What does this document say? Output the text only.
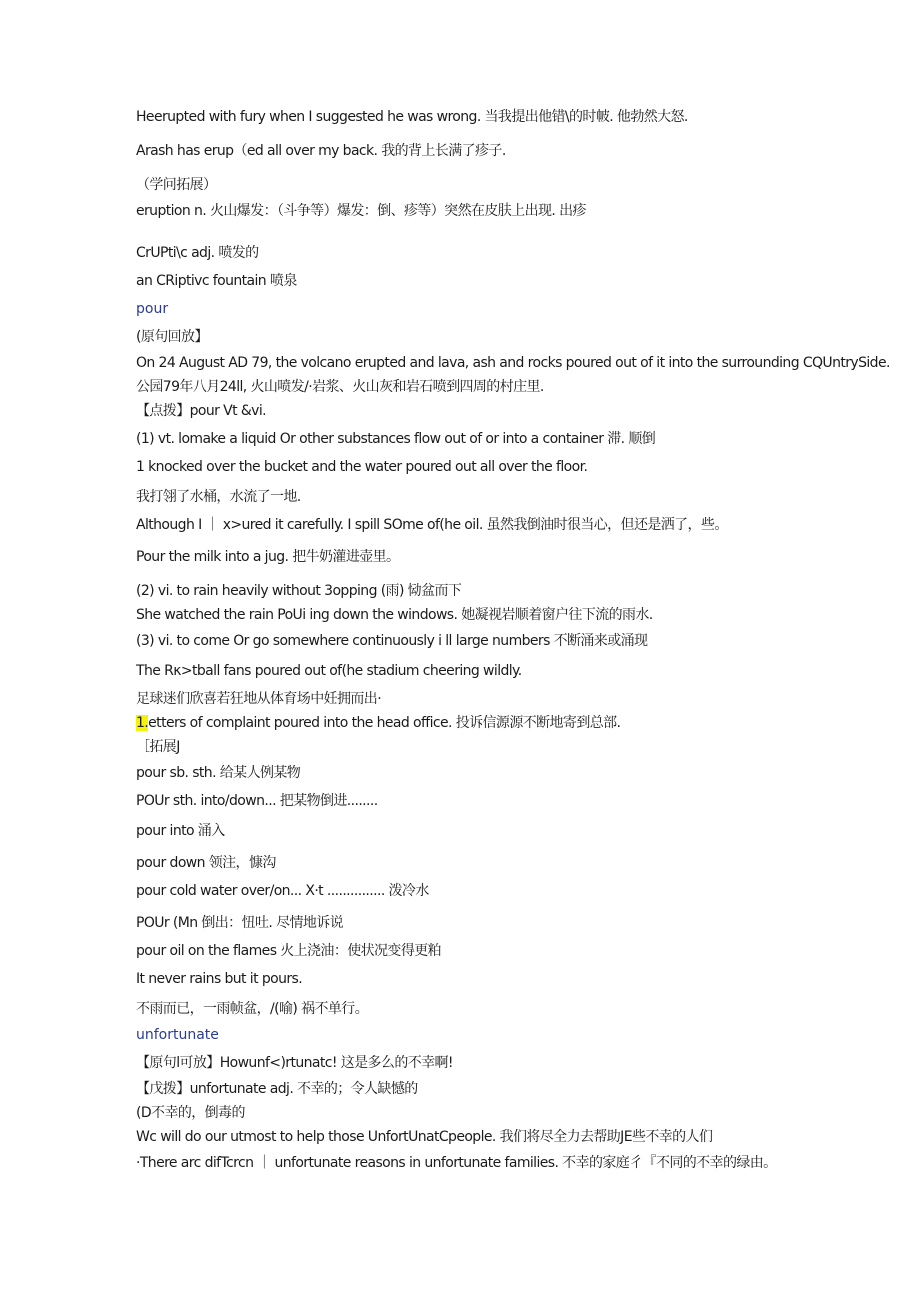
Heerupted with fury when I suggested he was wrong. 当我提出他错\的时帔. 他勃然大怒.
Arash has erup（ed all over my back. 我的背上长满了疹子.
（学问拓展）
eruption n. 火山爆发：（斗争等）爆发：倒、疹等）突然在皮肤上出现. 出疹
CrUPti\c adj. 喷发的
an CRiptivc fountain 喷泉
pour
(原句回放】
On 24 August AD 79, the volcano erupted and lava, ash and rocks poured out of it into the surrounding CQUntrySide.
公园79年八月24ll, 火山喷发/·岩浆、火山灰和岩石喷到四周的村庄里.
【点拨】pour Vt &vi.
(1) vt. lomake a liquid Or other substances flow out of or into a container 滞. 顺倒
1 knocked over the bucket and the water poured out all over the floor.
我打翎了水桶，水流了一地.
Although I ｜ x>ured it carefully. I spill SOme of(he oil. 虽然我倒油时很当心，但还是洒了，些。
Pour the milk into a jug. 把牛奶灌进壶里。
(2) vi. to rain heavily without 3opping (雨) 恸盆而下
She watched the rain PoUi ing down the windows. 她凝视岩顺着窗户往下流的雨水.
(3) vi. to come Or go somewhere continuously i ll large numbers 不断涌来或涌现
The Rκ>tball fans poured out of(he stadium cheering wildly.
足球迷们欣喜若狂地从体育场中妊拥而出·
1.etters of complaint poured into the head office. 投诉信源源不断地寄到总部.
［拓展J
pour sb. sth. 给某人例某物
POUr sth. into/down... 把某物倒进........
pour into 涌入
pour down 领注，慷沟
pour cold water over/on... X·t ............... 泼冷水
POUr (Mn 倒出：忸吐. 尽情地诉说
pour oil on the flames 火上浇油：使状况变得更粕
It never rains but it pours.
不雨而已，一雨帧盆，/(喻) 祸不单行。
unfortunate
【原句l可放】Howunf<)rtunatc! 这是多么的不幸啊!
【戊拨】unfortunate adj. 不幸的；令人缺憾的
(D不幸的，倒毒的
Wc will do our utmost to help those UnfortUnatCpeople. 我们将尽全力去帮助JE些不幸的人们
·There arc difTcrcn ｜ unfortunate reasons in unfortunate families. 不幸的家庭彳『不同的不幸的绿由。
